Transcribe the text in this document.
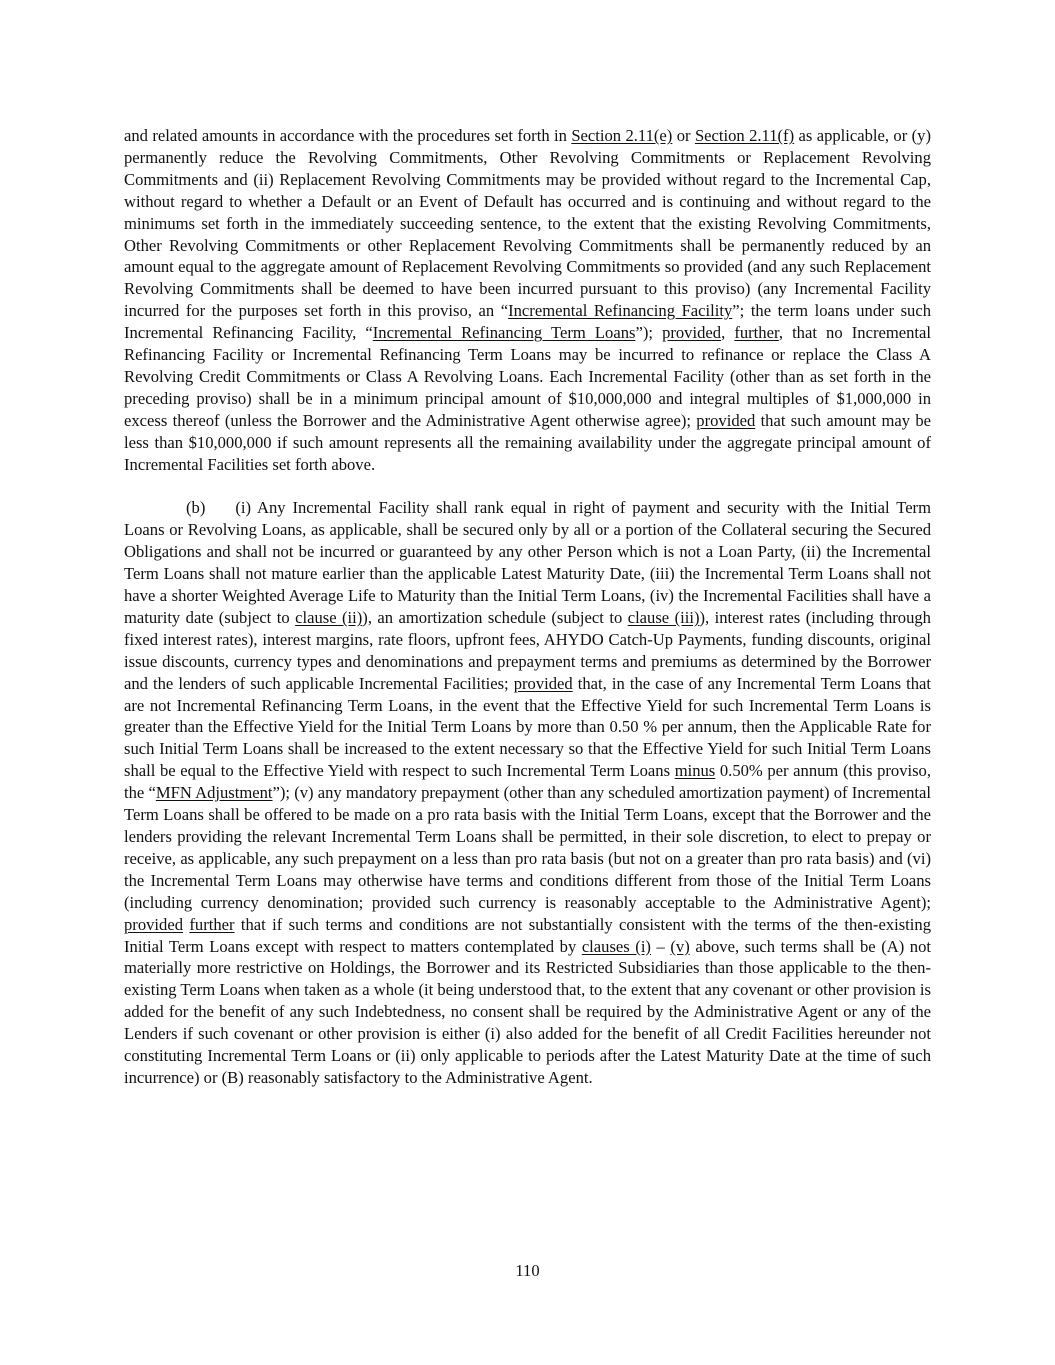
and related amounts in accordance with the procedures set forth in Section 2.11(e) or Section 2.11(f) as applicable, or (y) permanently reduce the Revolving Commitments, Other Revolving Commitments or Replacement Revolving Commitments and (ii) Replacement Revolving Commitments may be provided without regard to the Incremental Cap, without regard to whether a Default or an Event of Default has occurred and is continuing and without regard to the minimums set forth in the immediately succeeding sentence, to the extent that the existing Revolving Commitments, Other Revolving Commitments or other Replacement Revolving Commitments shall be permanently reduced by an amount equal to the aggregate amount of Replacement Revolving Commitments so provided (and any such Replacement Revolving Commitments shall be deemed to have been incurred pursuant to this proviso) (any Incremental Facility incurred for the purposes set forth in this proviso, an “Incremental Refinancing Facility”; the term loans under such Incremental Refinancing Facility, “Incremental Refinancing Term Loans”); provided, further, that no Incremental Refinancing Facility or Incremental Refinancing Term Loans may be incurred to refinance or replace the Class A Revolving Credit Commitments or Class A Revolving Loans. Each Incremental Facility (other than as set forth in the preceding proviso) shall be in a minimum principal amount of $10,000,000 and integral multiples of $1,000,000 in excess thereof (unless the Borrower and the Administrative Agent otherwise agree); provided that such amount may be less than $10,000,000 if such amount represents all the remaining availability under the aggregate principal amount of Incremental Facilities set forth above.

(b) (i) Any Incremental Facility shall rank equal in right of payment and security with the Initial Term Loans or Revolving Loans, as applicable, shall be secured only by all or a portion of the Collateral securing the Secured Obligations and shall not be incurred or guaranteed by any other Person which is not a Loan Party, (ii) the Incremental Term Loans shall not mature earlier than the applicable Latest Maturity Date, (iii) the Incremental Term Loans shall not have a shorter Weighted Average Life to Maturity than the Initial Term Loans, (iv) the Incremental Facilities shall have a maturity date (subject to clause (ii)), an amortization schedule (subject to clause (iii)), interest rates (including through fixed interest rates), interest margins, rate floors, upfront fees, AHYDO Catch-Up Payments, funding discounts, original issue discounts, currency types and denominations and prepayment terms and premiums as determined by the Borrower and the lenders of such applicable Incremental Facilities; provided that, in the case of any Incremental Term Loans that are not Incremental Refinancing Term Loans, in the event that the Effective Yield for such Incremental Term Loans is greater than the Effective Yield for the Initial Term Loans by more than 0.50 % per annum, then the Applicable Rate for such Initial Term Loans shall be increased to the extent necessary so that the Effective Yield for such Initial Term Loans shall be equal to the Effective Yield with respect to such Incremental Term Loans minus 0.50% per annum (this proviso, the “MFN Adjustment”); (v) any mandatory prepayment (other than any scheduled amortization payment) of Incremental Term Loans shall be offered to be made on a pro rata basis with the Initial Term Loans, except that the Borrower and the lenders providing the relevant Incremental Term Loans shall be permitted, in their sole discretion, to elect to prepay or receive, as applicable, any such prepayment on a less than pro rata basis (but not on a greater than pro rata basis) and (vi) the Incremental Term Loans may otherwise have terms and conditions different from those of the Initial Term Loans (including currency denomination; provided such currency is reasonably acceptable to the Administrative Agent); provided further that if such terms and conditions are not substantially consistent with the terms of the then-existing Initial Term Loans except with respect to matters contemplated by clauses (i) – (v) above, such terms shall be (A) not materially more restrictive on Holdings, the Borrower and its Restricted Subsidiaries than those applicable to the then-existing Term Loans when taken as a whole (it being understood that, to the extent that any covenant or other provision is added for the benefit of any such Indebtedness, no consent shall be required by the Administrative Agent or any of the Lenders if such covenant or other provision is either (i) also added for the benefit of all Credit Facilities hereunder not constituting Incremental Term Loans or (ii) only applicable to periods after the Latest Maturity Date at the time of such incurrence) or (B) reasonably satisfactory to the Administrative Agent.

110
